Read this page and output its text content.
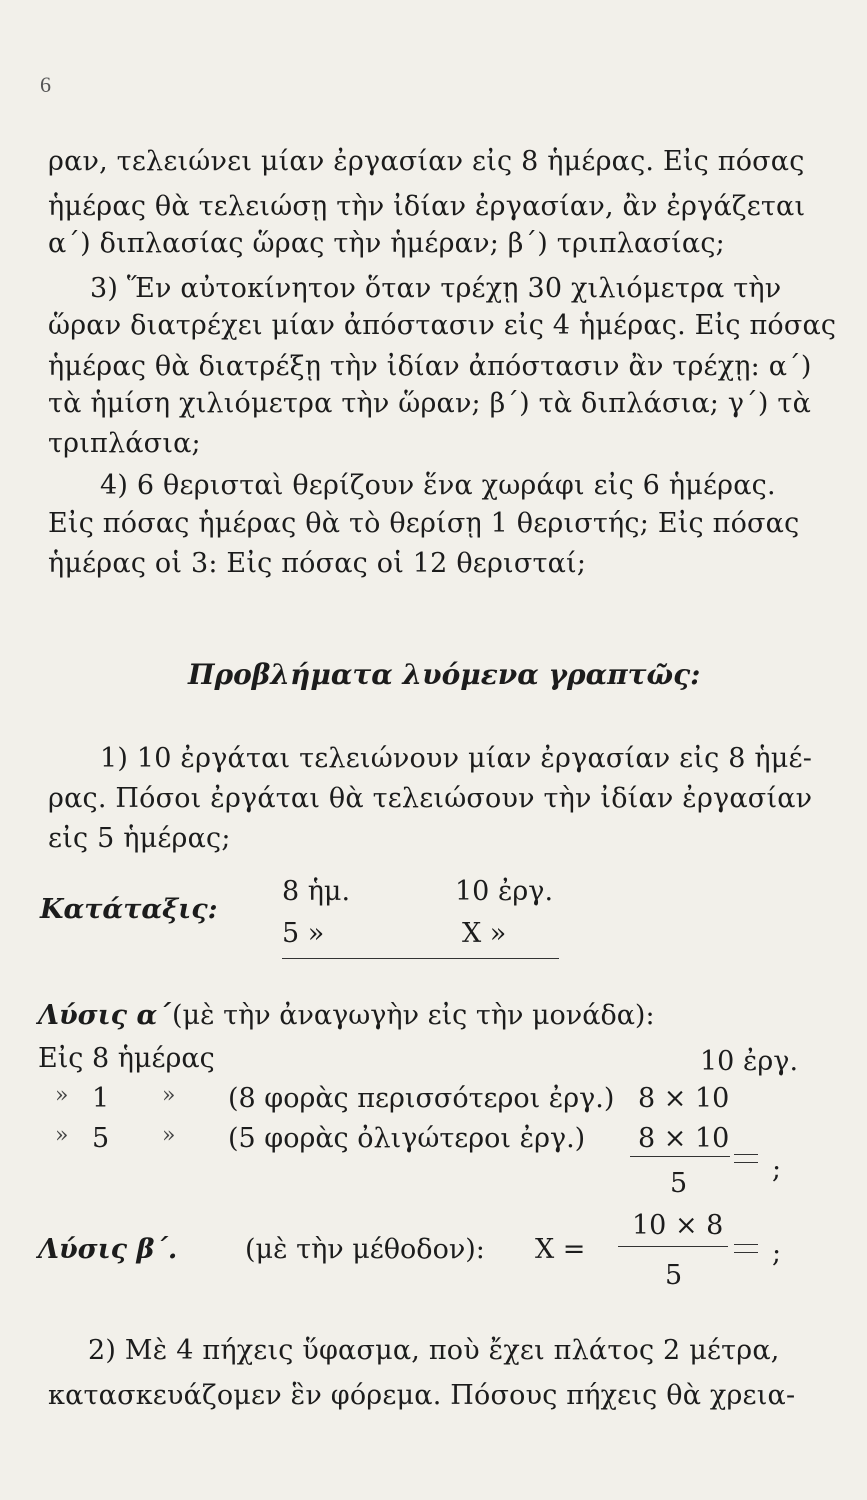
6
ραν, τελειώνει μίαν ἐργασίαν εἰς 8 ἡμέρας. Εἰς πόσας
ἡμέρας θὰ τελειώσῃ τὴν ἰδίαν ἐργασίαν, ἂν ἐργάζεται
α΄) διπλασίας ὥρας τὴν ἡμέραν; β΄) τριπλασίας;
3) Ἕν αὐτοκίνητον ὅταν τρέχῃ 30 χιλιόμετρα τὴν
ὥραν διατρέχει μίαν ἀπόστασιν εἰς 4 ἡμέρας. Εἰς πόσας
ἡμέρας θὰ διατρέξῃ τὴν ἰδίαν ἀπόστασιν ἂν τρέχῃ: α΄)
τὰ ἡμίση χιλιόμετρα τὴν ὥραν; β΄) τὰ διπλάσια; γ΄) τὰ
τριπλάσια;
4) 6 θερισταὶ θερίζουν ἕνα χωράφι εἰς 6 ἡμέρας.
Εἰς πόσας ἡμέρας θὰ τὸ θερίσῃ 1 θεριστής; Εἰς πόσας
ἡμέρας οἱ 3: Εἰς πόσας οἱ 12 θερισταί;
Προβλήματα λυόμενα γραπτῶς:
1) 10 ἐργάται τελειώνουν μίαν ἐργασίαν εἰς 8 ἡμέ-
ρας. Πόσοι ἐργάται θὰ τελειώσουν τὴν ἰδίαν ἐργασίαν
εἰς 5 ἡμέρας;
Κατάταξις:
8 ἡμ.	10 ἐργ.
5 »	X »
Λύσις α΄ (μὲ τὴν ἀναγωγὴν εἰς τὴν μονάδα):
Εἰς 8 ἡμέρας	10 ἐργ.
» 1 » (8 φορὰς περισσότεροι ἐργ.) 8 × 10
» 5 » (5 φορὰς ὀλιγώτεροι ἐργ.) 8 × 10
5	;
Λύσις β΄.	(μὲ τὴν μέθοδον): X =
10 × 8
5
;
2) Μὲ 4 πήχεις ὕφασμα, ποὺ ἔχει πλάτος 2 μέτρα,
κατασκευάζομεν ἓν φόρεμα. Πόσους πήχεις θὰ χρεια-
